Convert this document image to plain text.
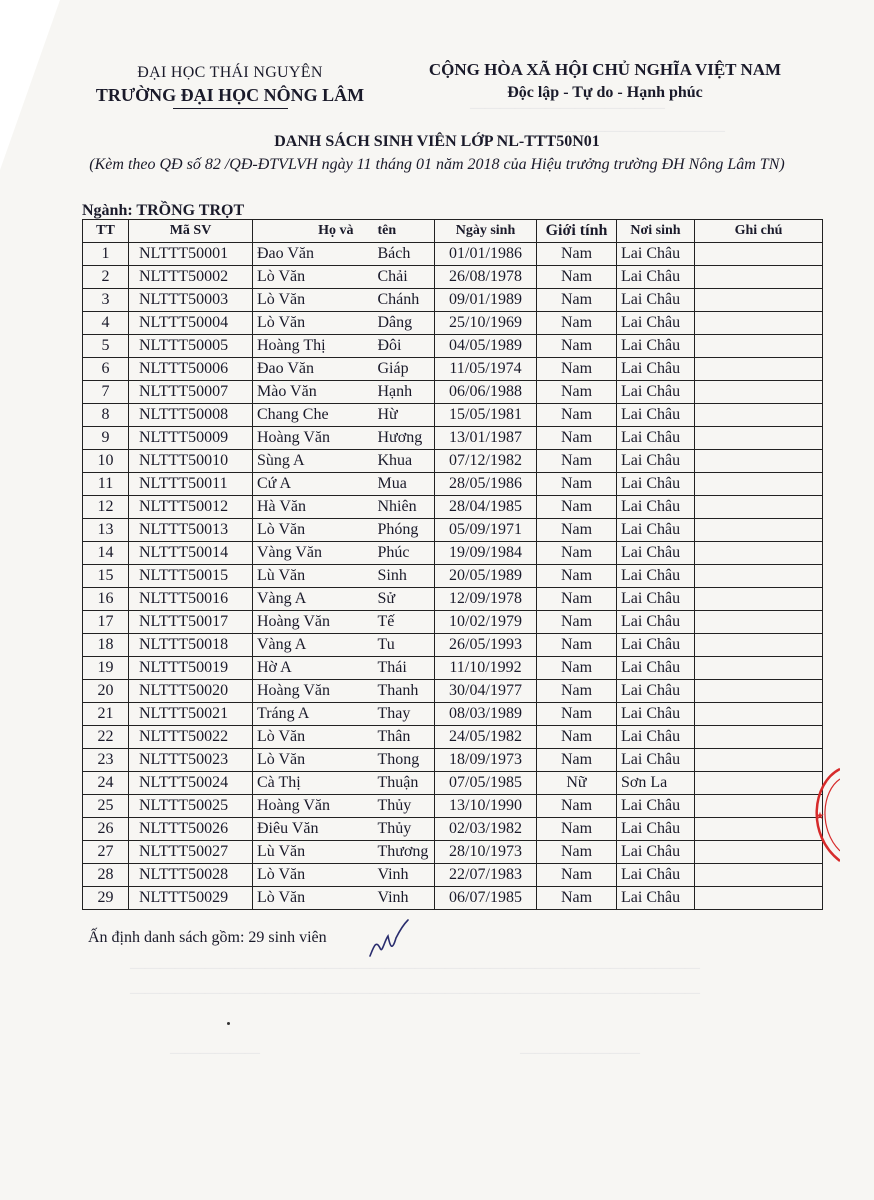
—————————————
———————————
——————————————————————————————————————
——————————————————————————————————————
——————	————————
ĐẠI HỌC THÁI NGUYÊN
TRƯỜNG ĐẠI HỌC NÔNG LÂM
CỘNG HÒA XÃ HỘI CHỦ NGHĨA VIỆT NAM
Độc lập - Tự do - Hạnh phúc
DANH SÁCH SINH VIÊN LỚP NL-TTT50N01
(Kèm theo QĐ số 82 /QĐ-ĐTVLVH ngày 11 tháng 01 năm 2018 của Hiệu trưởng trường ĐH Nông Lâm TN)
Ngành: TRỒNG TRỌT
TT	Mã SV	Họ và	tên	Ngày sinh	Giới tính	Nơi sinh	Ghi chú
1	NLTTT50001	Đao Văn	Bách	01/01/1986	Nam	Lai Châu	
2	NLTTT50002	Lò Văn	Chải	26/08/1978	Nam	Lai Châu	
3	NLTTT50003	Lò Văn	Chánh	09/01/1989	Nam	Lai Châu	
4	NLTTT50004	Lò Văn	Dâng	25/10/1969	Nam	Lai Châu	
5	NLTTT50005	Hoàng Thị	Đôi	04/05/1989	Nam	Lai Châu	
6	NLTTT50006	Đao Văn	Giáp	11/05/1974	Nam	Lai Châu	
7	NLTTT50007	Mào Văn	Hạnh	06/06/1988	Nam	Lai Châu	
8	NLTTT50008	Chang Che	Hừ	15/05/1981	Nam	Lai Châu	
9	NLTTT50009	Hoàng Văn	Hương	13/01/1987	Nam	Lai Châu	
10	NLTTT50010	Sùng A	Khua	07/12/1982	Nam	Lai Châu	
11	NLTTT50011	Cứ A	Mua	28/05/1986	Nam	Lai Châu	
12	NLTTT50012	Hà Văn	Nhiên	28/04/1985	Nam	Lai Châu	
13	NLTTT50013	Lò Văn	Phóng	05/09/1971	Nam	Lai Châu	
14	NLTTT50014	Vàng Văn	Phúc	19/09/1984	Nam	Lai Châu	
15	NLTTT50015	Lù Văn	Sinh	20/05/1989	Nam	Lai Châu	
16	NLTTT50016	Vàng A	Sử	12/09/1978	Nam	Lai Châu	
17	NLTTT50017	Hoàng Văn	Tế	10/02/1979	Nam	Lai Châu	
18	NLTTT50018	Vàng A	Tu	26/05/1993	Nam	Lai Châu	
19	NLTTT50019	Hờ A	Thái	11/10/1992	Nam	Lai Châu	
20	NLTTT50020	Hoàng Văn	Thanh	30/04/1977	Nam	Lai Châu	
21	NLTTT50021	Tráng A	Thay	08/03/1989	Nam	Lai Châu	
22	NLTTT50022	Lò Văn	Thân	24/05/1982	Nam	Lai Châu	
23	NLTTT50023	Lò Văn	Thong	18/09/1973	Nam	Lai Châu	
24	NLTTT50024	Cà Thị	Thuận	07/05/1985	Nữ	Sơn La	
25	NLTTT50025	Hoàng Văn	Thủy	13/10/1990	Nam	Lai Châu	
26	NLTTT50026	Điêu Văn	Thủy	02/03/1982	Nam	Lai Châu	
27	NLTTT50027	Lù Văn	Thương	28/10/1973	Nam	Lai Châu	
28	NLTTT50028	Lò Văn	Vinh	22/07/1983	Nam	Lai Châu	
29	NLTTT50029	Lò Văn	Vinh	06/07/1985	Nam	Lai Châu	
Ấn định danh sách gồm: 29 sinh viên
★
